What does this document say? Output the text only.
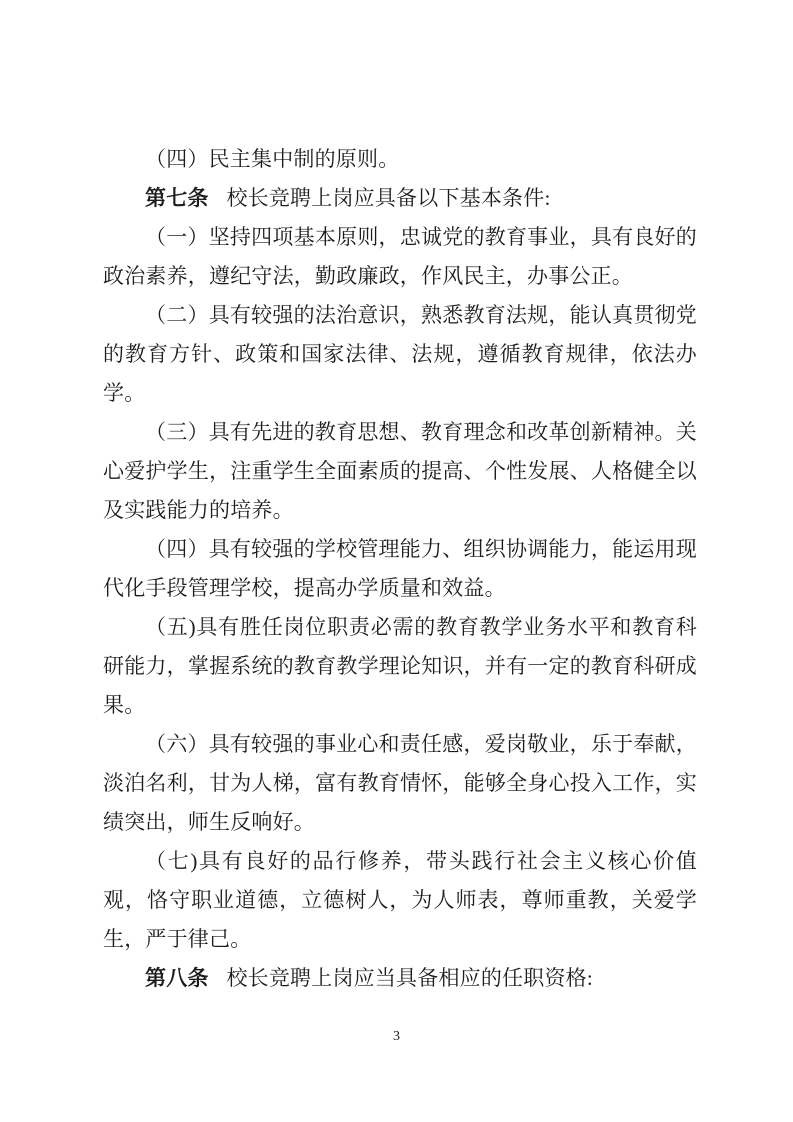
（四）民主集中制的原则。

第七条 校长竞聘上岗应具备以下基本条件:

（一）坚持四项基本原则，忠诚党的教育事业，具有良好的政治素养，遵纪守法，勤政廉政，作风民主，办事公正。

（二）具有较强的法治意识，熟悉教育法规，能认真贯彻党的教育方针、政策和国家法律、法规，遵循教育规律，依法办学。

（三）具有先进的教育思想、教育理念和改革创新精神。关心爱护学生，注重学生全面素质的提高、个性发展、人格健全以及实践能力的培养。

（四）具有较强的学校管理能力、组织协调能力，能运用现代化手段管理学校，提高办学质量和效益。

（五)具有胜任岗位职责必需的教育教学业务水平和教育科研能力，掌握系统的教育教学理论知识，并有一定的教育科研成果。

（六）具有较强的事业心和责任感，爱岗敬业，乐于奉献，淡泊名利，甘为人梯，富有教育情怀，能够全身心投入工作，实绩突出，师生反响好。

（七)具有良好的品行修养，带头践行社会主义核心价值观，恪守职业道德，立德树人，为人师表，尊师重教，关爱学生，严于律己。

第八条 校长竞聘上岗应当具备相应的任职资格:

3
